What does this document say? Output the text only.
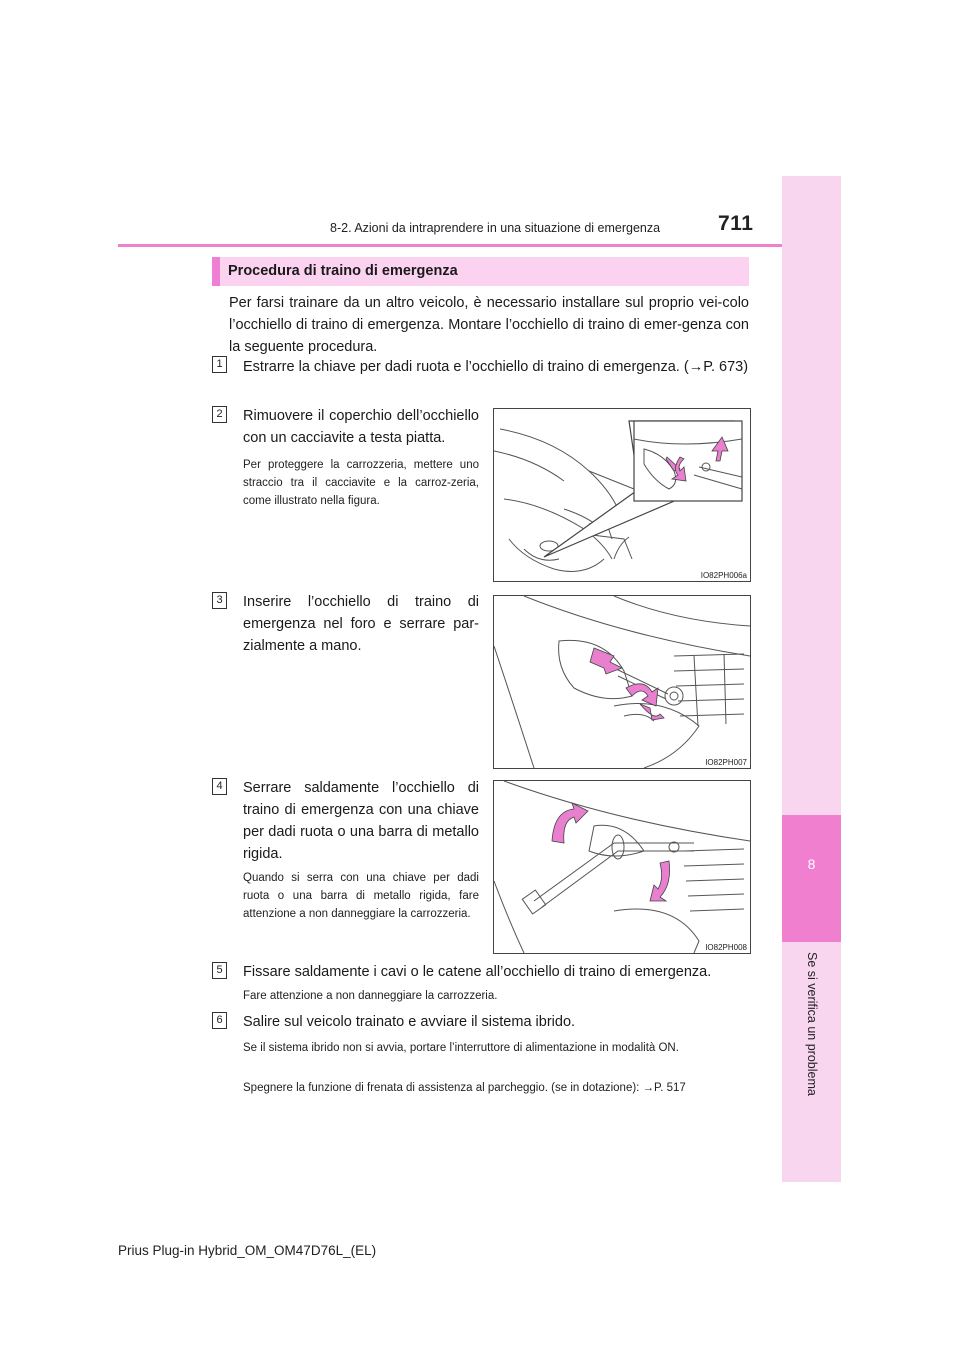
8-2. Azioni da intraprendere in una situazione di emergenza	711
8
Se si verifica un problema
Procedura di traino di emergenza
Per farsi trainare da un altro veicolo, è necessario installare sul proprio vei-colo l’occhiello di traino di emergenza. Montare l’occhiello di traino di emer-genza con la seguente procedura.
1	Estrarre la chiave per dadi ruota e l’occhiello di traino di emergenza. (→P. 673)
2	Rimuovere il coperchio dell’occhiello con un cacciavite a testa piatta.
Per proteggere la carrozzeria, mettere uno straccio tra il cacciavite e la carroz-zeria, come illustrato nella figura.
IO82PH006a
3	Inserire l’occhiello di traino di emergenza nel foro e serrare par-zialmente a mano.
IO82PH007
4	Serrare saldamente l’occhiello di traino di emergenza con una chiave per dadi ruota o una barra di metallo rigida.
Quando si serra con una chiave per dadi ruota o una barra di metallo rigida, fare attenzione a non danneggiare la carrozzeria.
IO82PH008
5	Fissare saldamente i cavi o le catene all’occhiello di traino di emergenza.
Fare attenzione a non danneggiare la carrozzeria.
6	Salire sul veicolo trainato e avviare il sistema ibrido.
Se il sistema ibrido non si avvia, portare l’interruttore di alimentazione in modalità ON.
Spegnere la funzione di frenata di assistenza al parcheggio. (se in dotazione): →P. 517
Prius Plug-in Hybrid_OM_OM47D76L_(EL)
